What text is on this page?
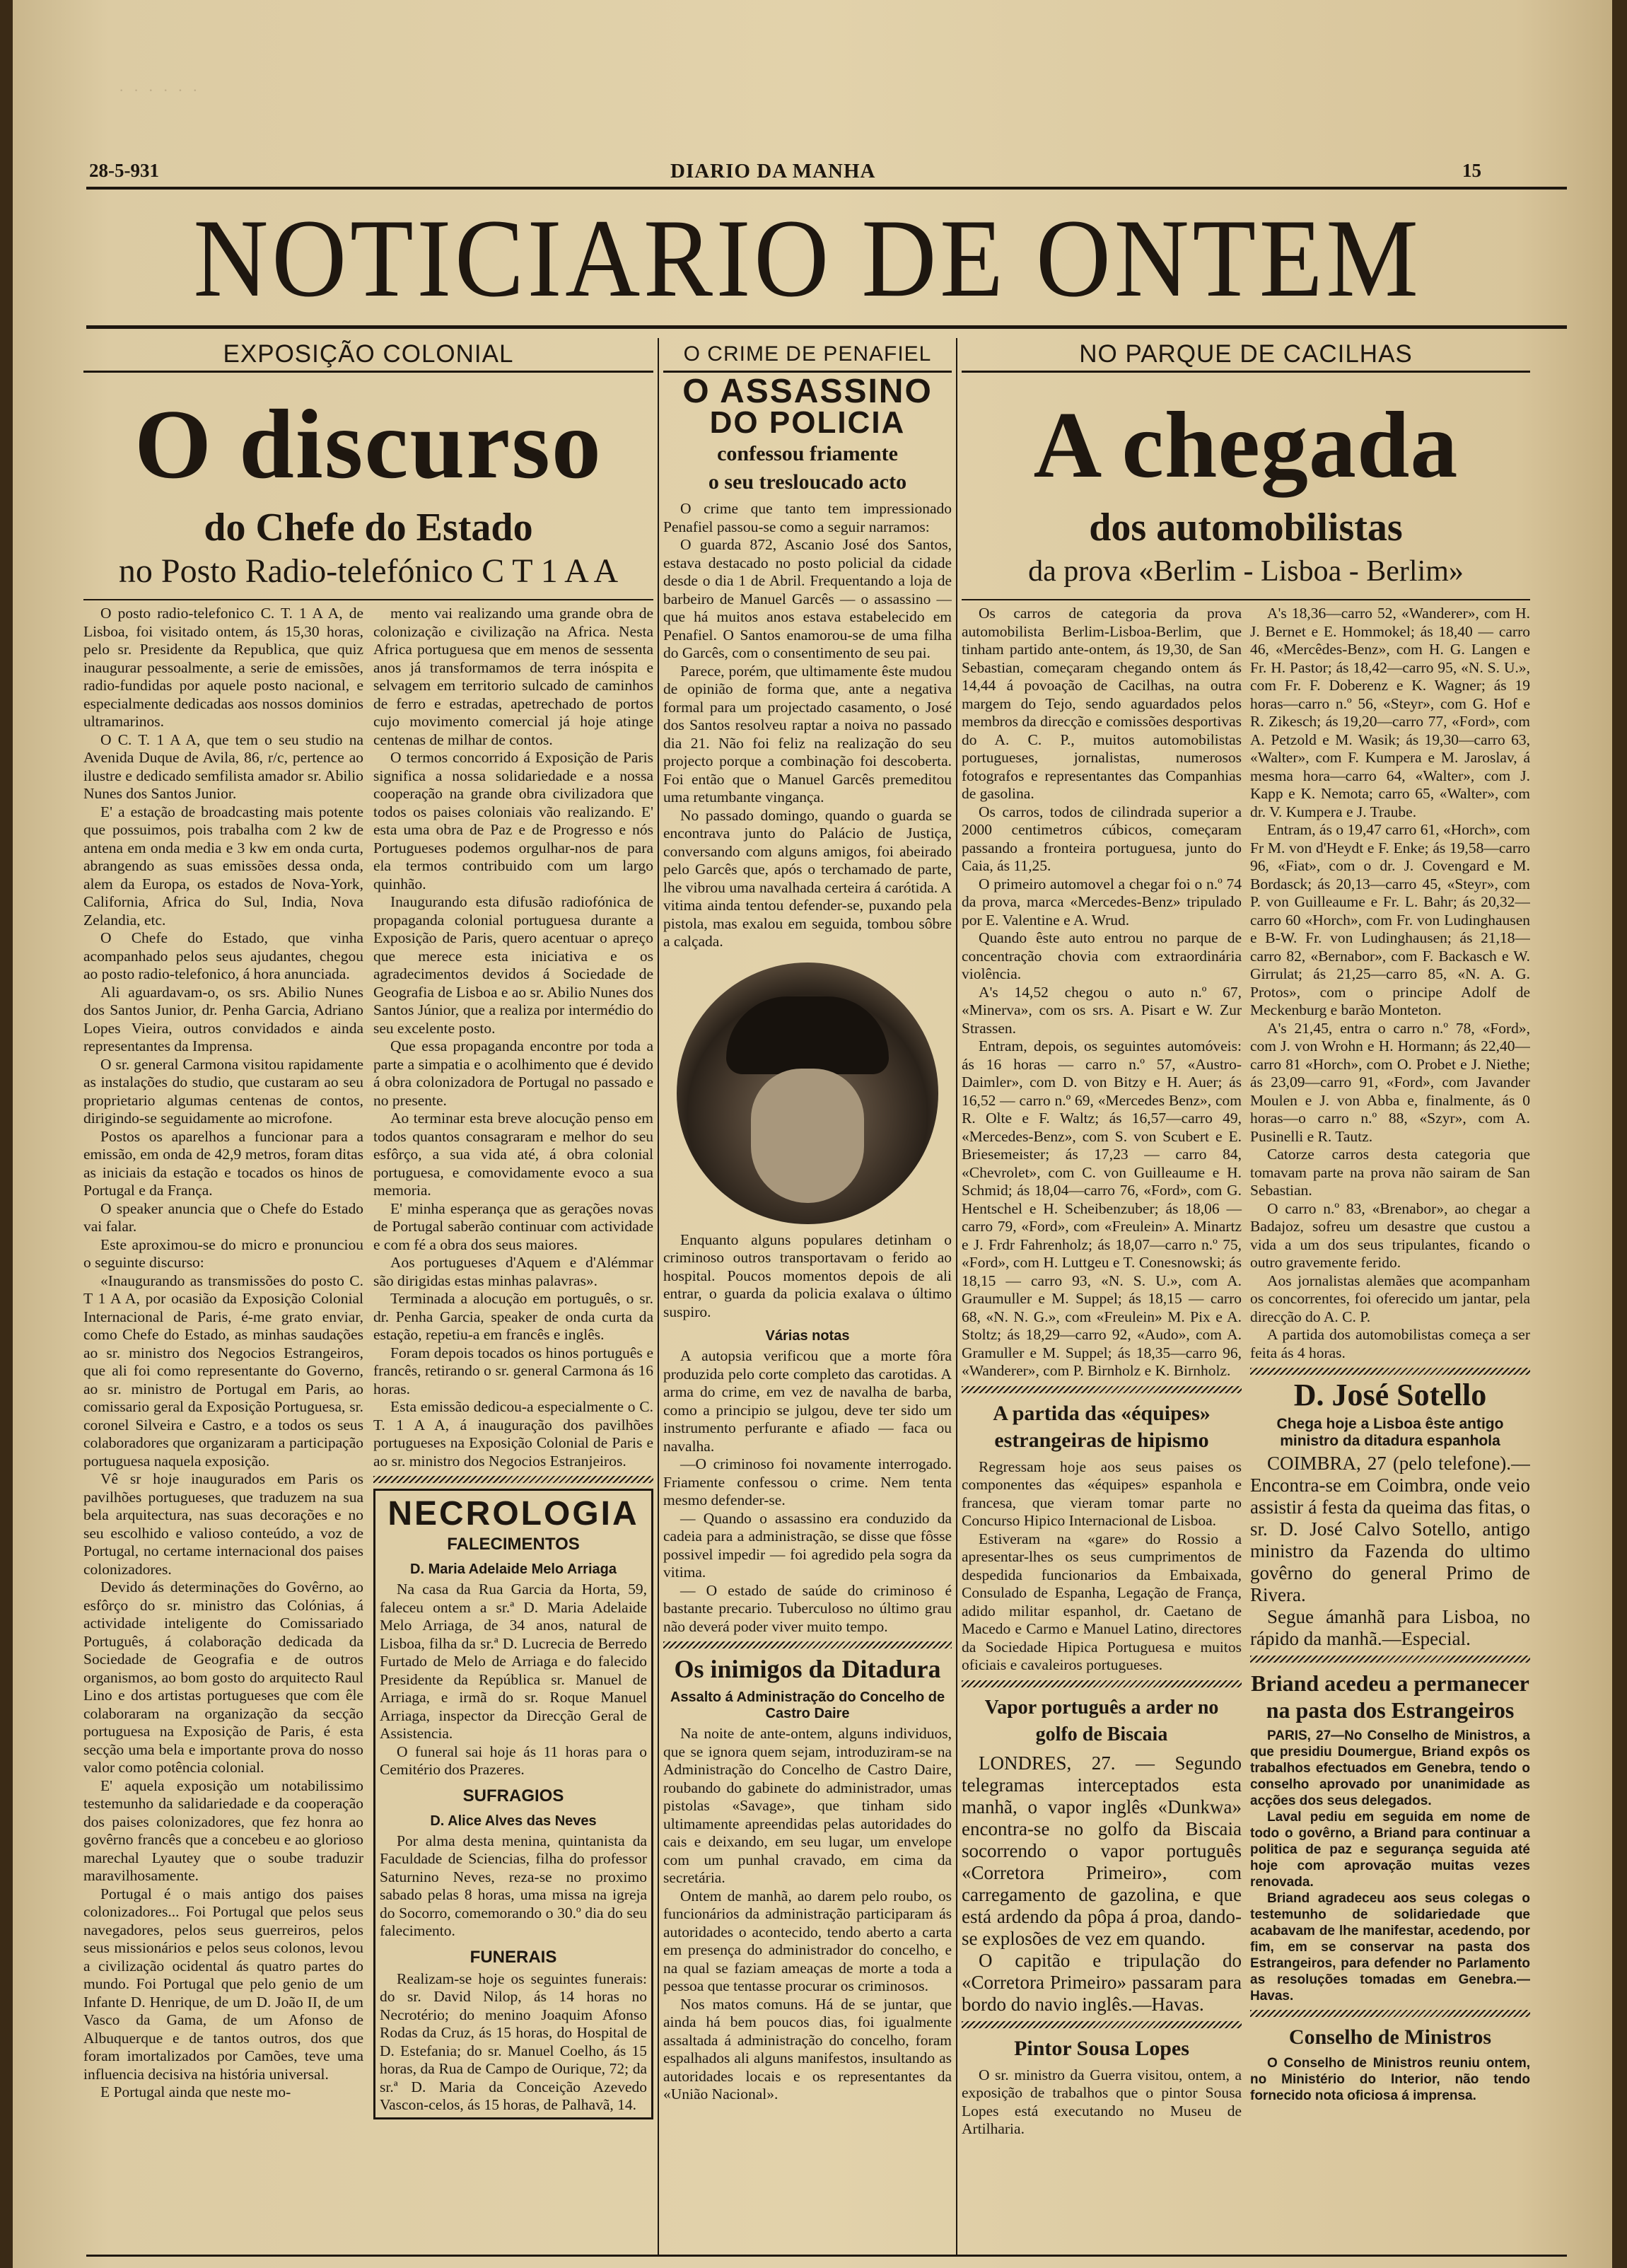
· · · · · ·
28-5-931	DIARIO DA MANHA	15
NOTICIARIO DE ONTEM
EXPOSIÇÃO COLONIAL
O discurso
do Chefe do Estado
no Posto Radio-telefónico C T 1 A A

O posto radio-telefonico C. T. 1 A A, de Lisboa, foi visitado ontem, ás 15,30 horas, pelo sr. Presidente da Republica, que quiz inaugurar pessoalmente, a serie de emissões, radio-fundidas por aquele posto nacional, e especialmente dedicadas aos nossos dominios ultramarinos.

O C. T. 1 A A, que tem o seu studio na Avenida Duque de Avila, 86, r/c, pertence ao ilustre e dedicado semfilista amador sr. Abilio Nunes dos Santos Junior.

E' a estação de broadcasting mais potente que possuimos, pois trabalha com 2 kw de antena em onda media e 3 kw em onda curta, abrangendo as suas emissões dessa onda, alem da Europa, os estados de Nova-York, California, Africa do Sul, India, Nova Zelandia, etc.

O Chefe do Estado, que vinha acompanhado pelos seus ajudantes, chegou ao posto radio-telefonico, á hora anunciada.

Ali aguardavam-o, os srs. Abilio Nunes dos Santos Junior, dr. Penha Garcia, Adriano Lopes Vieira, outros convidados e ainda representantes da Imprensa.

O sr. general Carmona visitou rapidamente as instalações do studio, que custaram ao seu proprietario algumas centenas de contos, dirigindo-se seguidamente ao microfone.

Postos os aparelhos a funcionar para a emissão, em onda de 42,9 metros, foram ditas as iniciais da estação e tocados os hinos de Portugal e da França.

O speaker anuncia que o Chefe do Estado vai falar.

Este aproximou-se do micro e pronunciou o seguinte discurso:

«Inaugurando as transmissões do posto C. T 1 A A, por ocasião da Exposição Colonial Internacional de Paris, é-me grato enviar, como Chefe do Estado, as minhas saudações ao sr. ministro dos Negocios Estrangeiros, que ali foi como representante do Governo, ao sr. ministro de Portugal em Paris, ao comissario geral da Exposição Portuguesa, sr. coronel Silveira e Castro, e a todos os seus colaboradores que organizaram a participação portuguesa naquela exposição.

Vê sr hoje inaugurados em Paris os pavilhões portugueses, que traduzem na sua bela arquitectura, nas suas decorações e no seu escolhido e valioso conteúdo, a voz de Portugal, no certame internacional dos paises colonizadores.

Devido ás determinações do Govêrno, ao esfôrço do sr. ministro das Colónias, á actividade inteligente do Comissariado Português, á colaboração dedicada da Sociedade de Geografia e de outros organismos, ao bom gosto do arquitecto Raul Lino e dos artistas portugueses que com êle colaboraram na organização da secção portuguesa na Exposição de Paris, é esta secção uma bela e importante prova do nosso valor como potência colonial.

E' aquela exposição um notabilissimo testemunho da salidariedade e da cooperação dos paises colonizadores, que fez honra ao govêrno francês que a concebeu e ao glorioso marechal Lyautey que o soube traduzir maravilhosamente.

Portugal é o mais antigo dos paises colonizadores... Foi Portugal que pelos seus navegadores, pelos seus guerreiros, pelos seus missionários e pelos seus colonos, levou a civilização ocidental ás quatro partes do mundo. Foi Portugal que pelo genio de um Infante D. Henrique, de um D. João II, de um Vasco da Gama, de um Afonso de Albuquerque e de tantos outros, dos que foram imortalizados por Camões, teve uma influencia decisiva na história universal.

E Portugal ainda que neste mo-

mento vai realizando uma grande obra de colonização e civilização na Africa. Nesta Africa portuguesa que em menos de sessenta anos já transformamos de terra inóspita e selvagem em territorio sulcado de caminhos de ferro e estradas, apetrechado de portos cujo movimento comercial já hoje atinge centenas de milhar de contos.

O termos concorrido á Exposição de Paris significa a nossa solidariedade e a nossa cooperação na grande obra civilizadora que todos os paises coloniais vão realizando. E' esta uma obra de Paz e de Progresso e nós Portugueses podemos orgulhar-nos de para ela termos contribuido com um largo quinhão.

Inaugurando esta difusão radiofónica de propaganda colonial portuguesa durante a Exposição de Paris, quero acentuar o apreço que merece esta iniciativa e os agradecimentos devidos á Sociedade de Geografia de Lisboa e ao sr. Abilio Nunes dos Santos Júnior, que a realiza por intermédio do seu excelente posto.

Que essa propaganda encontre por toda a parte a simpatia e o acolhimento que é devido á obra colonizadora de Portugal no passado e no presente.

Ao terminar esta breve alocução penso em todos quantos consagraram e melhor do seu esfôrço, a sua vida até, á obra colonial portuguesa, e comovidamente evoco a sua memoria.

E' minha esperança que as gerações novas de Portugal saberão continuar com actividade e com fé a obra dos seus maiores.

Aos portugueses d'Aquem e d'Alémmar são dirigidas estas minhas palavras».

Terminada a alocução em português, o sr. dr. Penha Garcia, speaker de onda curta da estação, repetiu-a em francês e inglês.

Foram depois tocados os hinos português e francês, retirando o sr. general Carmona ás 16 horas.

Esta emissão dedicou-a especialmente o C. T. 1 A A, á inauguração dos pavilhões portugueses na Exposição Colonial de Paris e ao sr. ministro dos Negocios Estranjeiros.

NECROLOGIA
FALECIMENTOS
D. Maria Adelaide Melo Arriaga

Na casa da Rua Garcia da Horta, 59, faleceu ontem a sr.ª D. Maria Adelaide Melo Arriaga, de 34 anos, natural de Lisboa, filha da sr.ª D. Lucrecia de Berredo Furtado de Melo de Arriaga e do falecido Presidente da República sr. Manuel de Arriaga, e irmã do sr. Roque Manuel Arriaga, inspector da Direcção Geral de Assistencia.

O funeral sai hoje ás 11 horas para o Cemitério dos Prazeres.

SUFRAGIOS
D. Alice Alves das Neves

Por alma desta menina, quintanista da Faculdade de Sciencias, filha do professor Saturnino Neves, reza-se no proximo sabado pelas 8 horas, uma missa na igreja do Socorro, comemorando o 30.º dia do seu falecimento.

FUNERAIS

Realizam-se hoje os seguintes funerais: do sr. David Nilop, ás 14 horas no Necrotério; do menino Joaquim Afonso Rodas da Cruz, ás 15 horas, do Hospital de D. Estefania; do sr. Manuel Coelho, ás 15 horas, da Rua de Campo de Ourique, 72; da sr.ª D. Maria da Conceição Azevedo Vascon-celos, ás 15 horas, de Palhavã, 14.

O CRIME DE PENAFIEL
O ASSASSINO
DO POLICIA
confessou friamente
o seu tresloucado acto

O crime que tanto tem impressionado Penafiel passou-se como a seguir narramos:

O guarda 872, Ascanio José dos Santos, estava destacado no posto policial da cidade desde o dia 1 de Abril. Frequentando a loja de barbeiro de Manuel Garcês — o assassino — que há muitos anos estava estabelecido em Penafiel. O Santos enamorou-se de uma filha do Garcês, com o consentimento de seu pai.

Parece, porém, que ultimamente êste mudou de opinião de forma que, ante a negativa formal para um projectado casamento, o José dos Santos resolveu raptar a noiva no passado dia 21. Não foi feliz na realização do seu projecto porque a combinação foi descoberta. Foi então que o Manuel Garcês premeditou uma retumbante vingança.

No passado domingo, quando o guarda se encontrava junto do Palácio de Justiça, conversando com alguns amigos, foi abeirado pelo Garcês que, após o terchamado de parte, lhe vibrou uma navalhada certeira á carótida. A vitima ainda tentou defender-se, puxando pela pistola, mas exalou em seguida, tombou sôbre a calçada.

Enquanto alguns populares detinham o criminoso outros transportavam o ferido ao hospital. Poucos momentos depois de ali entrar, o guarda da policia exalava o último suspiro.

Várias notas

A autopsia verificou que a morte fôra produzida pelo corte completo das carotidas. A arma do crime, em vez de navalha de barba, como a principio se julgou, deve ter sido um instrumento perfurante e afiado — faca ou navalha.

—O criminoso foi novamente interrogado. Friamente confessou o crime. Nem tenta mesmo defender-se.

— Quando o assassino era conduzido da cadeia para a administração, se disse que fôsse possivel impedir — foi agredido pela sogra da vitima.

— O estado de saúde do criminoso é bastante precario. Tuberculoso no último grau não deverá poder viver muito tempo.

Os inimigos da Ditadura
Assalto á Administração do Concelho de Castro Daire

Na noite de ante-ontem, alguns individuos, que se ignora quem sejam, introduziram-se na Administração do Concelho de Castro Daire, roubando do gabinete do administrador, umas pistolas «Savage», que tinham sido ultimamente apreendidas pelas autoridades do cais e deixando, em seu lugar, um envelope com um punhal cravado, em cima da secretária.

Ontem de manhã, ao darem pelo roubo, os funcionários da administração participaram ás autoridades o acontecido, tendo aberto a carta em presença do administrador do concelho, e na qual se faziam ameaças de morte a toda a pessoa que tentasse procurar os criminosos.

Nos matos comuns. Há de se juntar, que ainda há bem poucos dias, foi igualmente assaltada á administração do concelho, foram espalhados ali alguns manifestos, insultando as autoridades locais e os representantes da «União Nacional».

NO PARQUE DE CACILHAS
A chegada
dos automobilistas
da prova «Berlim - Lisboa - Berlim»

Os carros de categoria da prova automobilista Berlim-Lisboa-Berlim, que tinham partido ante-ontem, ás 19,30, de San Sebastian, começaram chegando ontem ás 14,44 á povoação de Cacilhas, na outra margem do Tejo, sendo aguardados pelos membros da direcção e comissões desportivas do A. C. P., muitos automobilistas portugueses, jornalistas, numerosos fotografos e representantes das Companhias de gasolina.

Os carros, todos de cilindrada superior a 2000 centimetros cúbicos, começaram passando a fronteira portuguesa, junto do Caia, ás 11,25.

O primeiro automovel a chegar foi o n.º 74 da prova, marca «Mercedes-Benz» tripulado por E. Valentine e A. Wrud.

Quando êste auto entrou no parque de concentração chovia com extraordinária violência.

A's 14,52 chegou o auto n.º 67, «Minerva», com os srs. A. Pisart e W. Zur Strassen.

Entram, depois, os seguintes automóveis: ás 16 horas — carro n.º 57, «Austro-Daimler», com D. von Bitzy e H. Auer; ás 16,52 — carro n.º 69, «Mercedes Benz», com R. Olte e F. Waltz; ás 16,57—carro 49, «Mercedes-Benz», com S. von Scubert e E. Briesemeister; ás 17,23 — carro 84, «Chevrolet», com C. von Guilleaume e H. Schmid; ás 18,04—carro 76, «Ford», com G. Hentschel e H. Scheibenzuber; ás 18,06 — carro 79, «Ford», com «Freulein» A. Minartz e J. Frdr Fahrenholz; ás 18,07—carro n.º 75, «Ford», com H. Luttgeu e T. Conesnowski; ás 18,15 — carro 93, «N. S. U.», com A. Graumuller e M. Suppel; ás 18,15 — carro 68, «N. N. G.», com «Freulein» M. Pix e A. Stoltz; ás 18,29—carro 92, «Audo», com A. Gramuller e M. Suppel; ás 18,35—carro 96, «Wanderer», com P. Birnholz e K. Birnholz.

A partida das «équipes» estrangeiras de hipismo

Regressam hoje aos seus paises os componentes das «équipes» espanhola e francesa, que vieram tomar parte no Concurso Hipico Internacional de Lisboa.

Estiveram na «gare» do Rossio a apresentar-lhes os seus cumprimentos de despedida funcionarios da Embaixada, Consulado de Espanha, Legação de França, adido militar espanhol, dr. Caetano de Macedo e Carmo e Manuel Latino, directores da Sociedade Hipica Portuguesa e muitos oficiais e cavaleiros portugueses.

Vapor português a arder no golfo de Biscaia

LONDRES, 27. — Segundo telegramas interceptados esta manhã, o vapor inglês «Dunkwa» encontra-se no golfo da Biscaia socorrendo o vapor português «Corretora Primeiro», com carregamento de gazolina, e que está ardendo da pôpa á proa, dando-se explosões de vez em quando.

O capitão e tripulação do «Corretora Primeiro» passaram para bordo do navio inglês.—Havas.

Pintor Sousa Lopes

O sr. ministro da Guerra visitou, ontem, a exposição de trabalhos que o pintor Sousa Lopes está executando no Museu de Artilharia.

A's 18,36—carro 52, «Wanderer», com H. J. Bernet e E. Hommokel; ás 18,40 — carro 46, «Mercêdes-Benz», com H. G. Langen e Fr. H. Pastor; ás 18,42—carro 95, «N. S. U.», com Fr. F. Doberenz e K. Wagner; ás 19 horas—carro n.º 56, «Steyr», com G. Hof e R. Zikesch; ás 19,20—carro 77, «Ford», com A. Petzold e M. Wasik; ás 19,30—carro 63, «Walter», com F. Kumpera e M. Jaroslav, á mesma hora—carro 64, «Walter», com J. Kapp e K. Nemota; carro 65, «Walter», com dr. V. Kumpera e J. Traube.

Entram, ás o 19,47 carro 61, «Horch», com Fr M. von d'Heydt e F. Enke; ás 19,58—carro 96, «Fiat», com o dr. J. Covengard e M. Bordasck; ás 20,13—carro 45, «Steyr», com P. von Guilleaume e Fr. L. Bahr; ás 20,32—carro 60 «Horch», com Fr. von Ludinghausen e B-W. Fr. von Ludinghausen; ás 21,18—carro 82, «Bernabor», com F. Backasch e W. Girrulat; ás 21,25—carro 85, «N. A. G. Protos», com o principe Adolf de Meckenburg e barão Monteton.

A's 21,45, entra o carro n.º 78, «Ford», com J. von Wrohn e H. Hormann; ás 22,40—carro 81 «Horch», com O. Probet e J. Niethe; ás 23,09—carro 91, «Ford», com Javander Moulen e J. von Abba e, finalmente, ás 0 horas—o carro n.º 88, «Szyr», com A. Pusinelli e R. Tautz.

Catorze carros desta categoria que tomavam parte na prova não sairam de San Sebastian.

O carro n.º 83, «Brenabor», ao chegar a Badajoz, sofreu um desastre que custou a vida a um dos seus tripulantes, ficando o outro gravemente ferido.

Aos jornalistas alemães que acompanham os concorrentes, foi oferecido um jantar, pela direcção do A. C. P.

A partida dos automobilistas começa a ser feita ás 4 horas.

D. José Sotello
Chega hoje a Lisboa êste antigo ministro da ditadura espanhola

COIMBRA, 27 (pelo telefone).— Encontra-se em Coimbra, onde veio assistir á festa da queima das fitas, o sr. D. José Calvo Sotello, antigo ministro da Fazenda do ultimo govêrno do general Primo de Rivera.

Segue ámanhã para Lisboa, no rápido da manhã.—Especial.

Briand acedeu a permanecer na pasta dos Estrangeiros

PARIS, 27—No Conselho de Ministros, a que presidiu Doumergue, Briand expôs os trabalhos efectuados em Genebra, tendo o conselho aprovado por unanimidade as acções dos seus delegados.

Laval pediu em seguida em nome de todo o govêrno, a Briand para continuar a politica de paz e segurança seguida até hoje com aprovação muitas vezes renovada.

Briand agradeceu aos seus colegas o testemunho de solidariedade que acabavam de lhe manifestar, acedendo, por fim, em se conservar na pasta dos Estrangeiros, para defender no Parlamento as resoluções tomadas em Genebra.—Havas.

Conselho de Ministros

O Conselho de Ministros reuniu ontem, no Ministério do Interior, não tendo fornecido nota oficiosa á imprensa.
